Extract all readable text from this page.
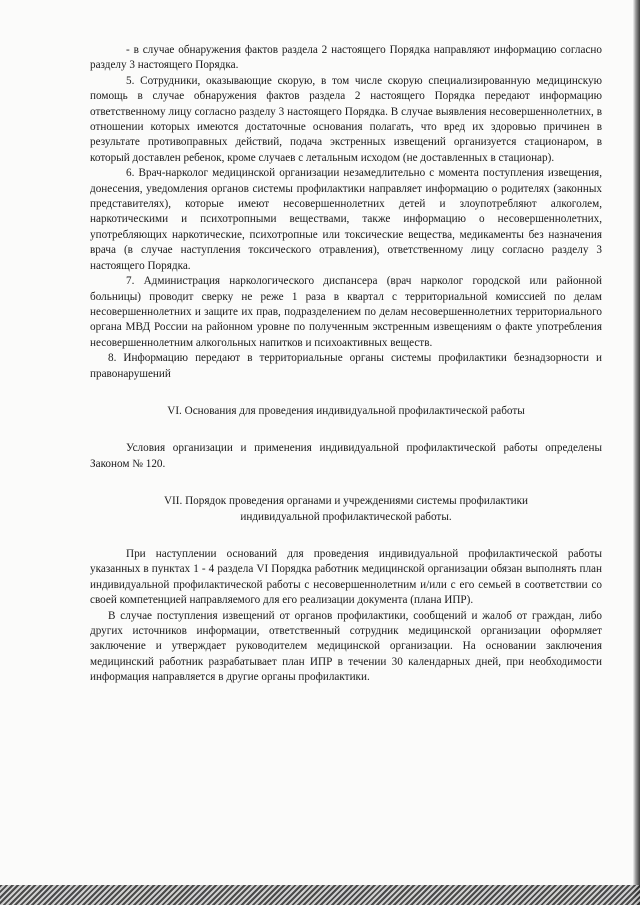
- в случае обнаружения фактов раздела 2 настоящего Порядка направляют информацию согласно разделу 3 настоящего Порядка.

5. Сотрудники, оказывающие скорую, в том числе скорую специализированную медицинскую помощь в случае обнаружения фактов раздела 2 настоящего Порядка передают информацию ответственному лицу согласно разделу 3 настоящего Порядка. В случае выявления несовершеннолетних, в отношении которых имеются достаточные основания полагать, что вред их здоровью причинен в результате противоправных действий, подача экстренных извещений организуется стационаром, в который доставлен ребенок, кроме случаев с летальным исходом (не доставленных в стационар).

6. Врач-нарколог медицинской организации незамедлительно с момента поступления извещения, донесения, уведомления органов системы профилактики направляет информацию о родителях (законных представителях), которые имеют несовершеннолетних детей и злоупотребляют алкоголем, наркотическими и психотропными веществами, также информацию о несовершеннолетних, употребляющих наркотические, психотропные или токсические вещества, медикаменты без назначения врача (в случае наступления токсического отравления), ответственному лицу согласно разделу 3 настоящего Порядка.

7. Администрация наркологического диспансера (врач нарколог городской или районной больницы) проводит сверку не реже 1 раза в квартал с территориальной комиссией по делам несовершеннолетних и защите их прав, подразделением по делам несовершеннолетних территориального органа МВД России на районном уровне по полученным экстренным извещениям о факте употребления несовершеннолетним алкогольных напитков и психоактивных веществ.

8. Информацию передают в территориальные органы системы профилактики безнадзорности и правонарушений

VI. Основания для проведения индивидуальной профилактической работы

Условия организации и применения индивидуальной профилактической работы определены Законом № 120.

VII. Порядок проведения органами и учреждениями системы профилактики

индивидуальной профилактической работы.

При наступлении оснований для проведения индивидуальной профилактической работы указанных в пунктах 1 - 4 раздела VI Порядка работник медицинской организации обязан выполнять план индивидуальной профилактической работы с несовершеннолетним и/или с его семьей в соответствии со своей компетенцией направляемого для его реализации документа (плана ИПР).

В случае поступления извещений от органов профилактики, сообщений и жалоб от граждан, либо других источников информации, ответственный сотрудник медицинской организации оформляет заключение и утверждает руководителем медицинской организации. На основании заключения медицинский работник разрабатывает план ИПР в течении 30 календарных дней, при необходимости информация направляется в другие органы профилактики.
